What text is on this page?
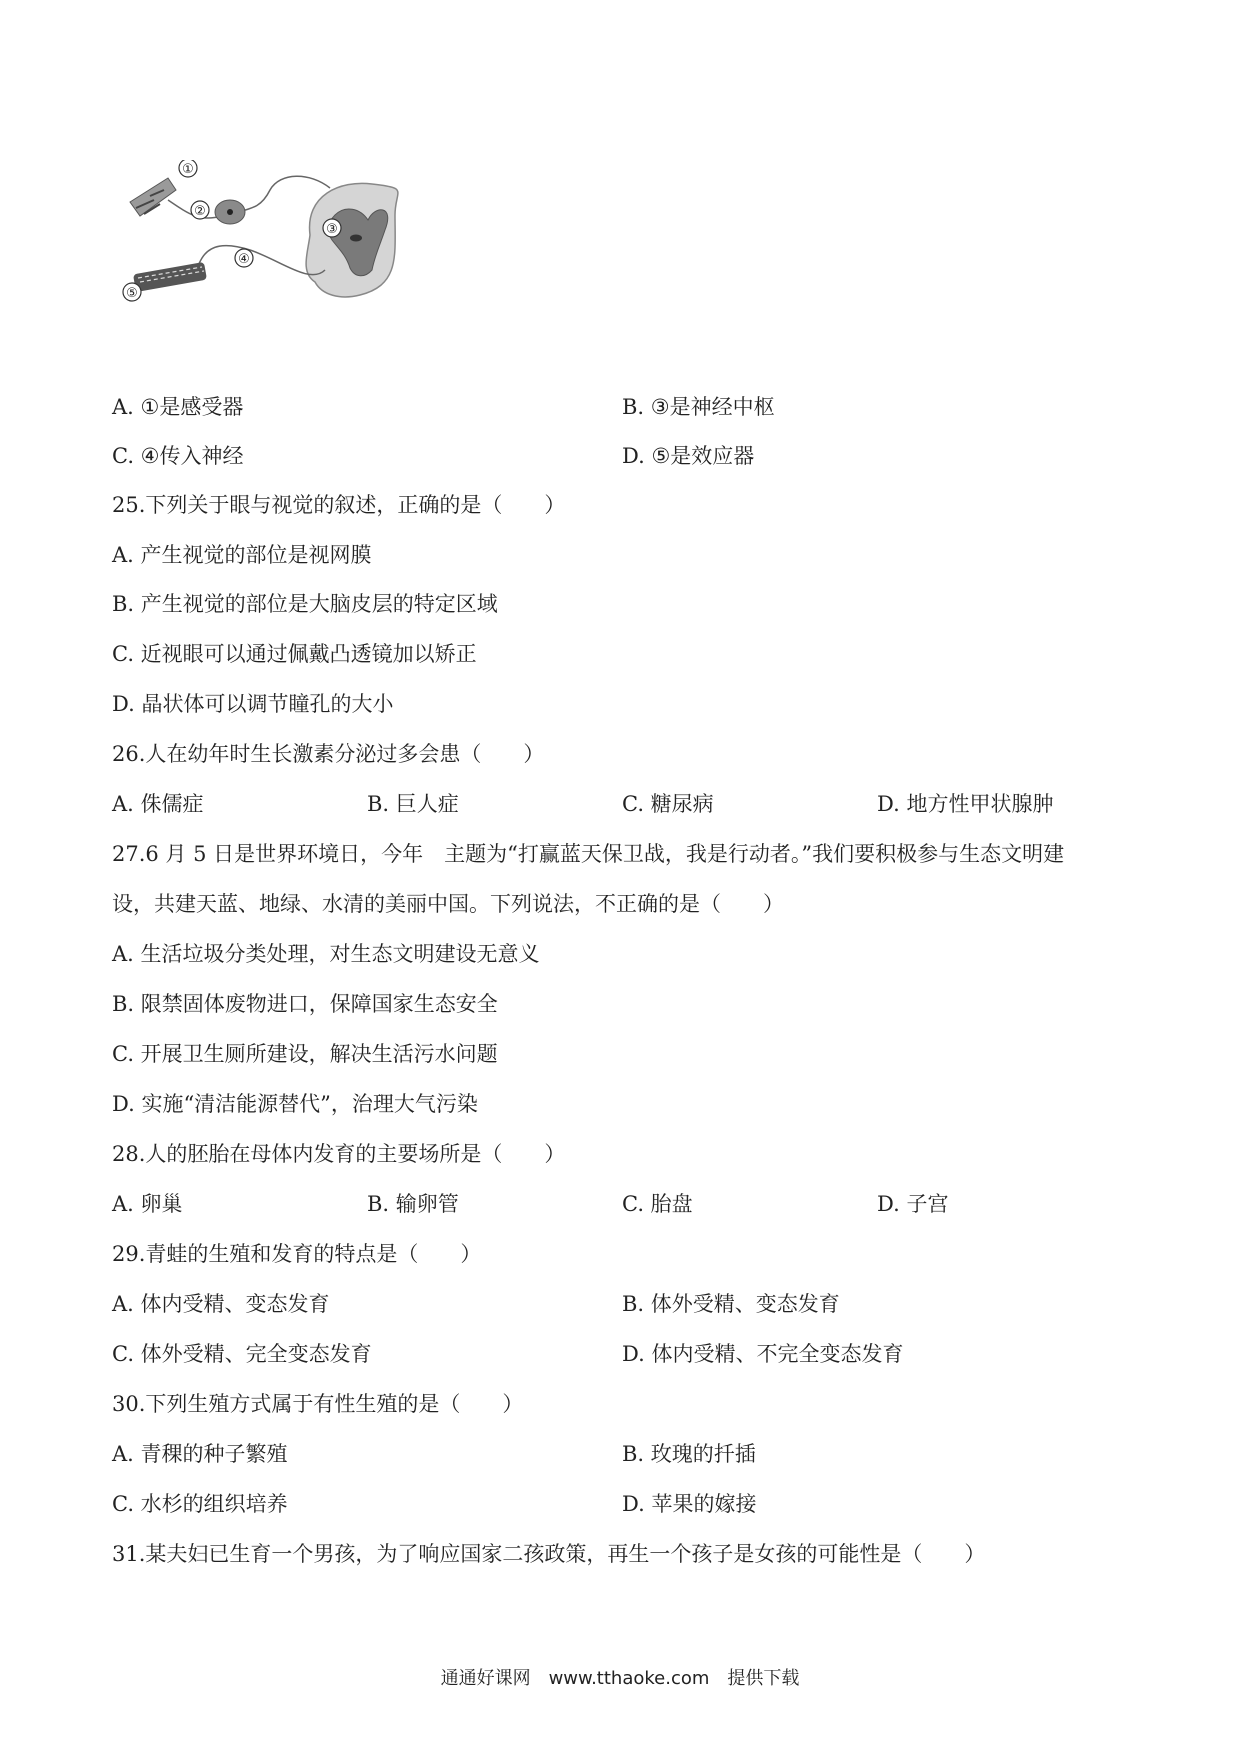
①
②
③
④
⑤
A. ①是感受器	B. ③是神经中枢
C. ④传入神经	D. ⑤是效应器
25.下列关于眼与视觉的叙述，正确的是（　　）
A. 产生视觉的部位是视网膜
B. 产生视觉的部位是大脑皮层的特定区域
C. 近视眼可以通过佩戴凸透镜加以矫正
D. 晶状体可以调节瞳孔的大小
26.人在幼年时生长激素分泌过多会患（　　）
A. 侏儒症	B. 巨人症	C. 糖尿病	D. 地方性甲状腺肿
27.6 月 5 日是世界环境日，今年　主题为“打赢蓝天保卫战，我是行动者。”我们要积极参与生态文明建
设，共建天蓝、地绿、水清的美丽中国。下列说法，不正确的是（　　）
A. 生活垃圾分类处理，对生态文明建设无意义
B. 限禁固体废物进口，保障国家生态安全
C. 开展卫生厕所建设，解决生活污水问题
D. 实施“清洁能源替代”，治理大气污染
28.人的胚胎在母体内发育的主要场所是（　　）
A. 卵巢	B. 输卵管	C. 胎盘	D. 子宫
29.青蛙的生殖和发育的特点是（　　）
A. 体内受精、变态发育	B. 体外受精、变态发育
C. 体外受精、完全变态发育	D. 体内受精、不完全变态发育
30.下列生殖方式属于有性生殖的是（　　）
A. 青稞的种子繁殖	B. 玫瑰的扦插
C. 水杉的组织培养	D. 苹果的嫁接
31.某夫妇已生育一个男孩，为了响应国家二孩政策，再生一个孩子是女孩的可能性是（　　）
通通好课网　www.tthaoke.com　提供下载
